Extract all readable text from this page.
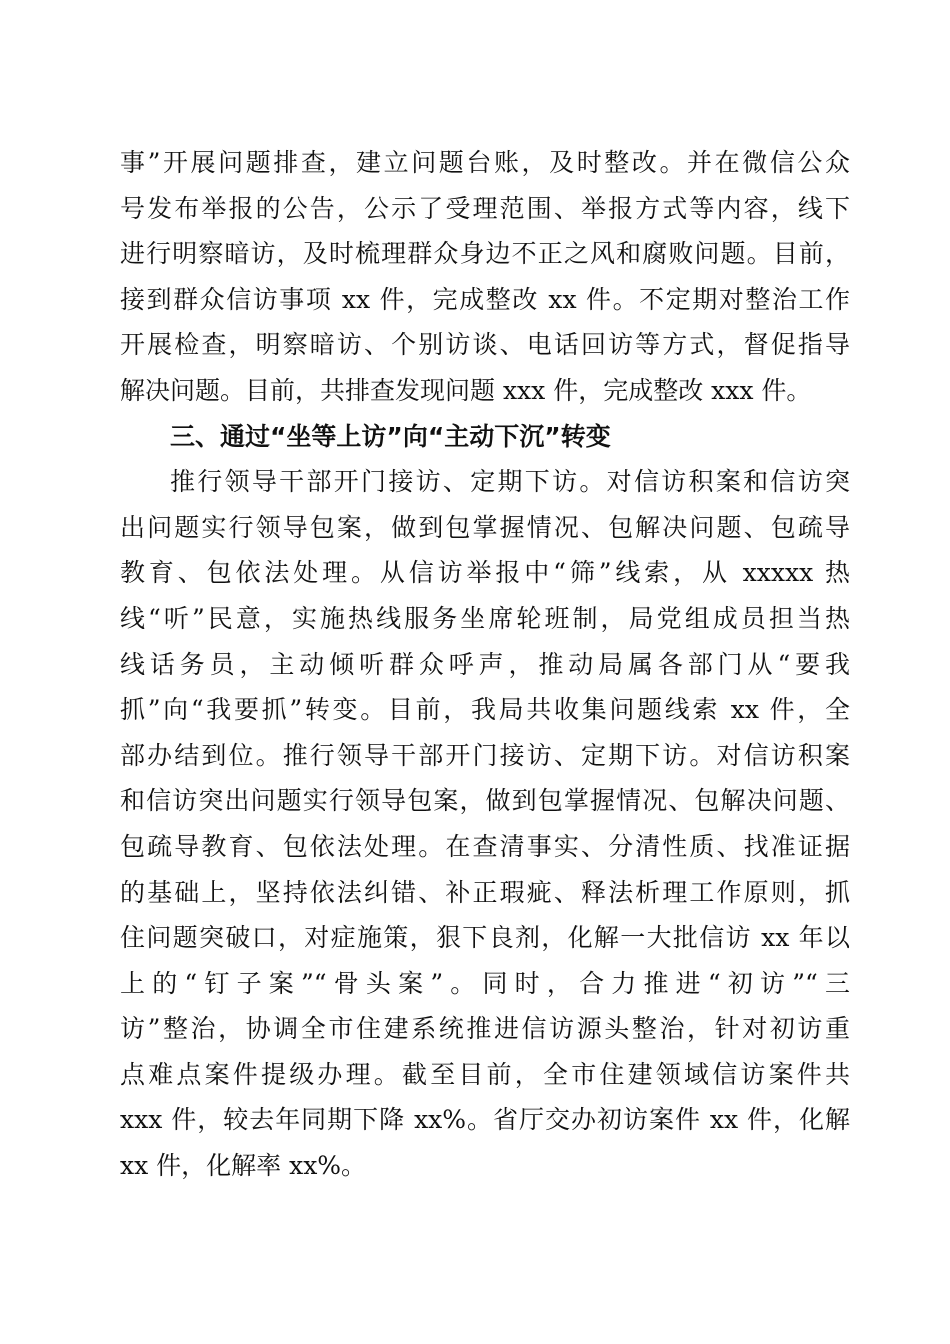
事”开展问题排查，建立问题台账，及时整改。并在微信公众
号发布举报的公告，公示了受理范围、举报方式等内容，线下
进行明察暗访，及时梳理群众身边不正之风和腐败问题。目前，
接到群众信访事项 xx 件，完成整改 xx 件。不定期对整治工作
开展检查，明察暗访、个别访谈、电话回访等方式，督促指导
解决问题。目前，共排查发现问题 xxx 件，完成整改 xxx 件。
三、通过“坐等上访”向“主动下沉”转变
推行领导干部开门接访、定期下访。对信访积案和信访突
出问题实行领导包案，做到包掌握情况、包解决问题、包疏导
教育、包依法处理。从信访举报中“筛”线索，从 xxxxx 热
线“听”民意，实施热线服务坐席轮班制，局党组成员担当热
线话务员，主动倾听群众呼声，推动局属各部门从“要我
抓”向“我要抓”转变。目前，我局共收集问题线索 xx 件，全
部办结到位。推行领导干部开门接访、定期下访。对信访积案
和信访突出问题实行领导包案，做到包掌握情况、包解决问题、
包疏导教育、包依法处理。在查清事实、分清性质、找准证据
的基础上，坚持依法纠错、补正瑕疵、释法析理工作原则，抓
住问题突破口，对症施策，狠下良剂，化解一大批信访 xx 年以
上的“钉子案”“骨头案”。同时，合力推进“初访”“三
访”整治，协调全市住建系统推进信访源头整治，针对初访重
点难点案件提级办理。截至目前，全市住建领域信访案件共
xxx 件，较去年同期下降 xx%。省厅交办初访案件 xx 件，化解
xx 件，化解率 xx%。
